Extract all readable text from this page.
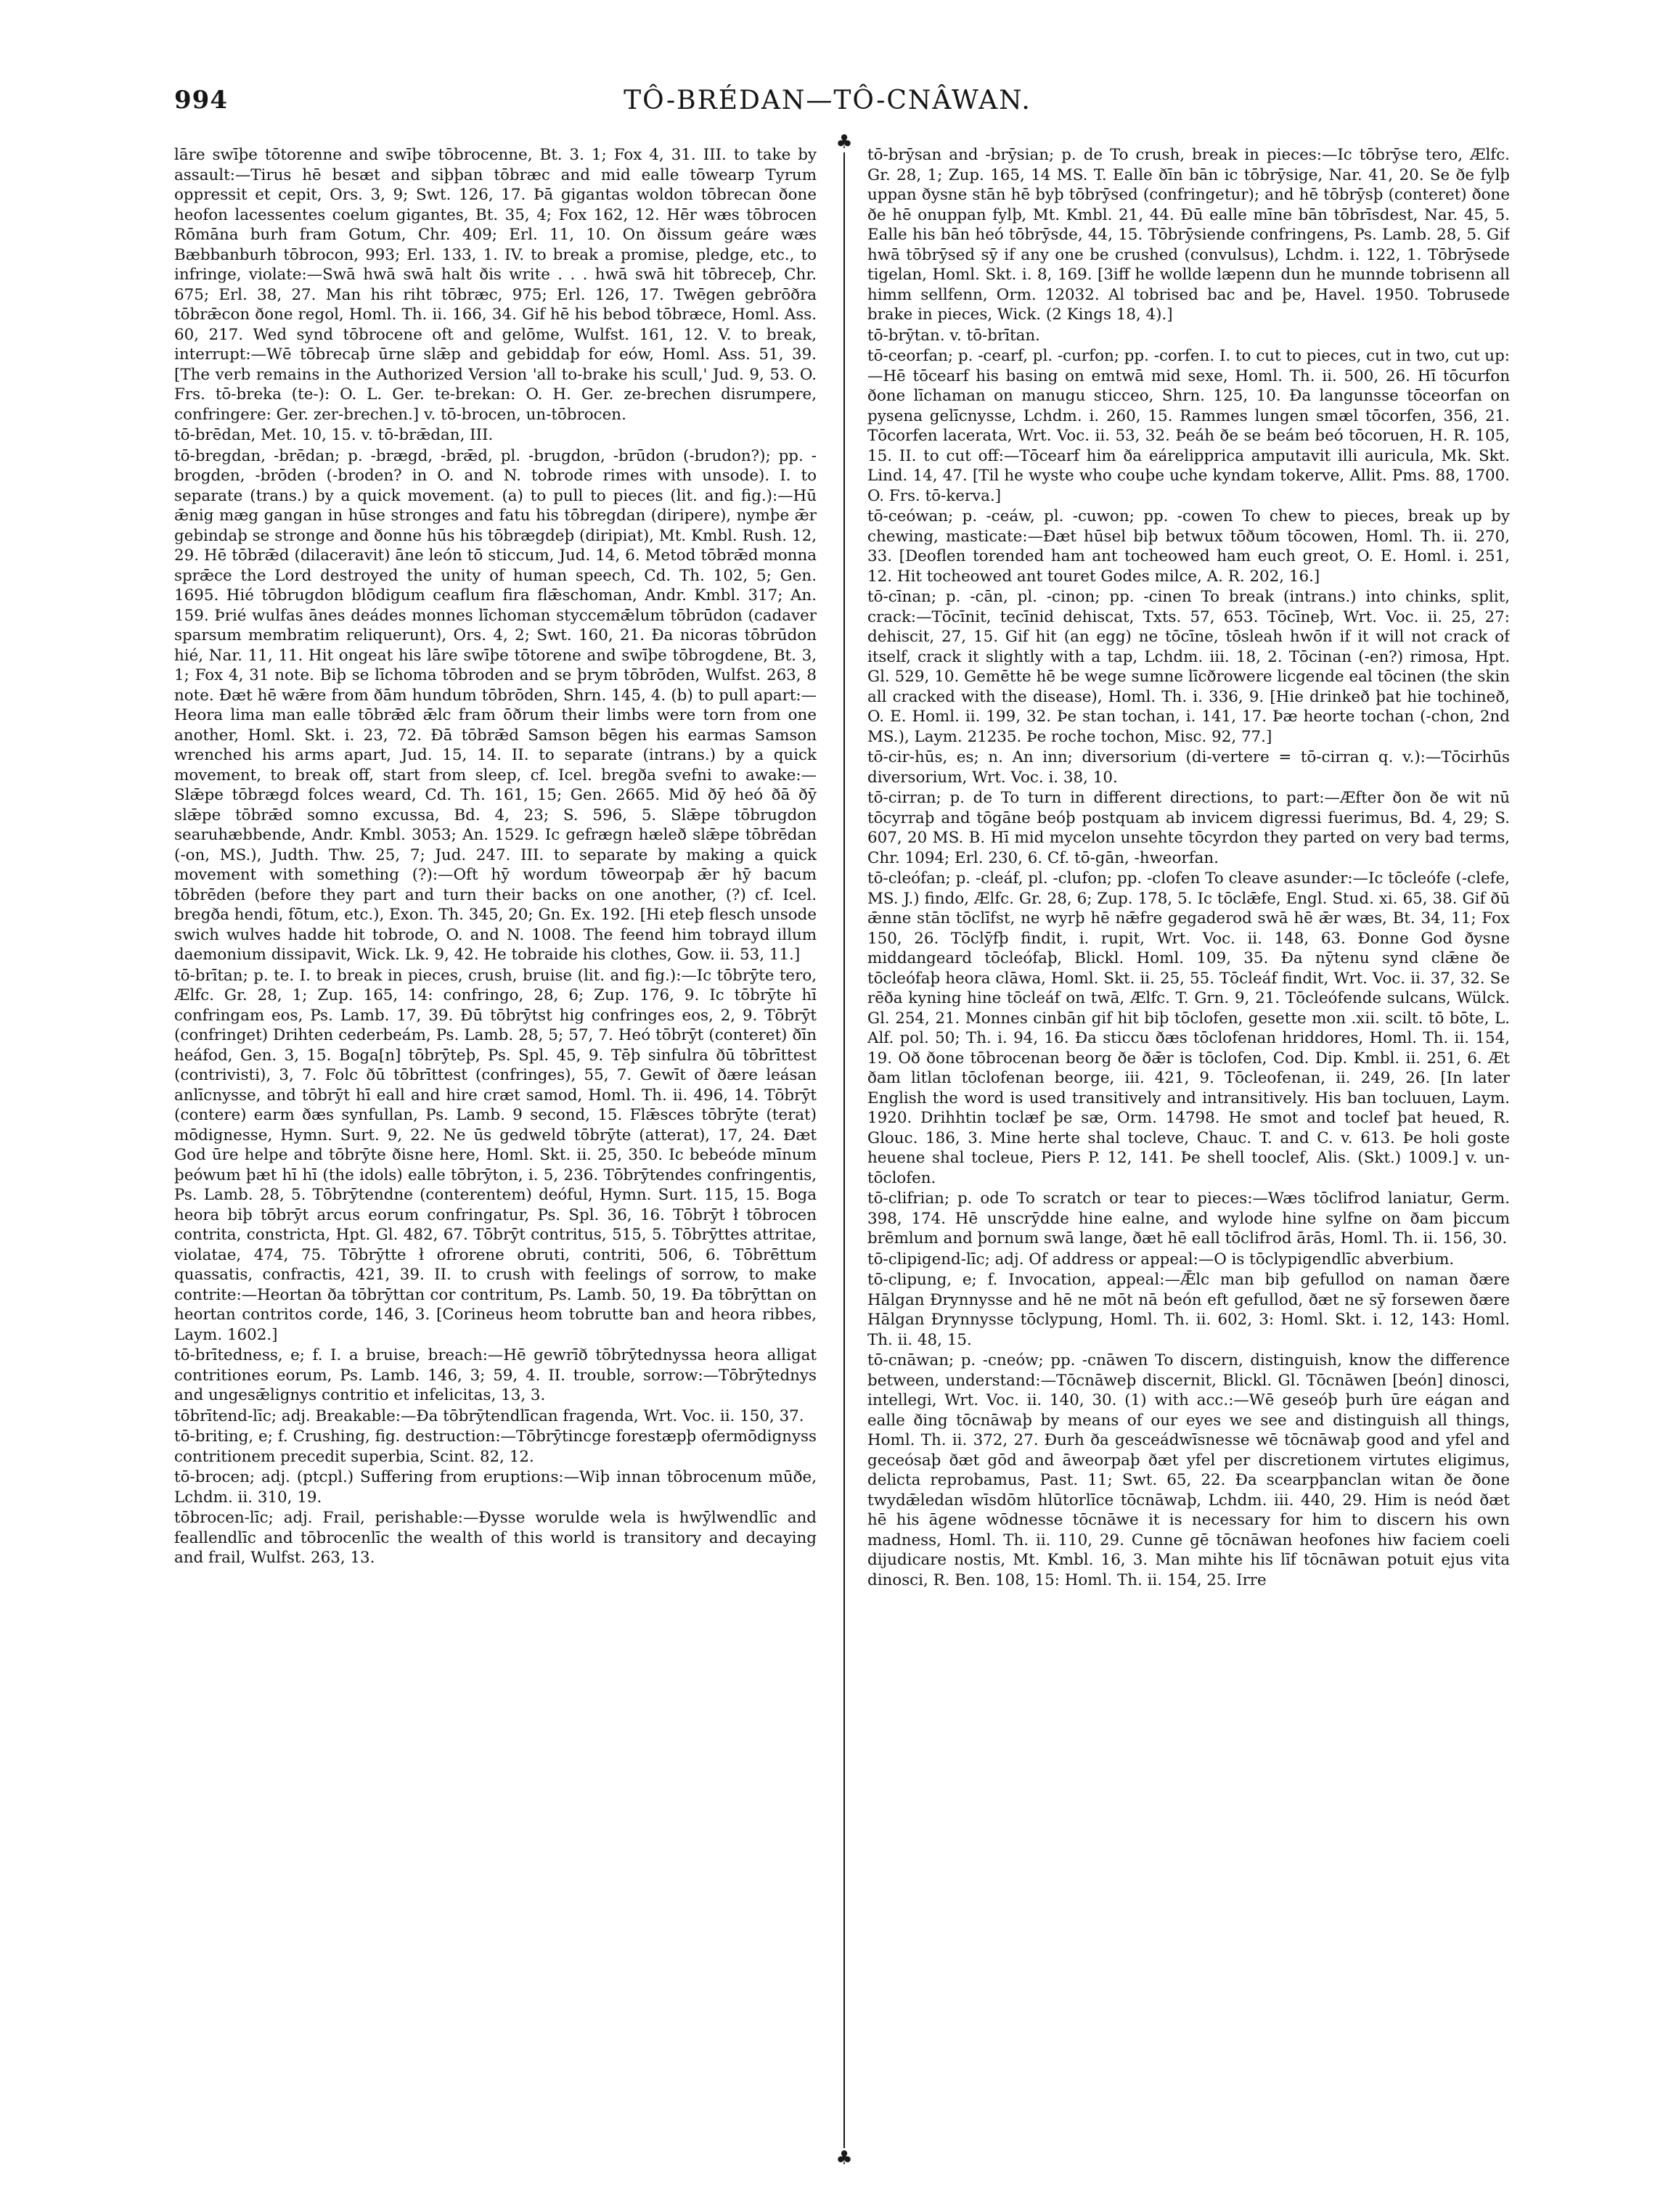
994	TÔ-BRÉDAN—TÔ-CNÂWAN.

lāre swīþe tōtorenne and swīþe tōbrocenne, Bt. 3. 1; Fox 4, 31. III. to take by assault:—Tirus hē besæt and siþþan tōbræc and mid ealle tōwearp Tyrum oppressit et cepit, Ors. 3, 9; Swt. 126, 17. Þā gigantas woldon tōbrecan ðone heofon lacessentes coelum gigantes, Bt. 35, 4; Fox 162, 12. Hēr wæs tōbrocen Rōmāna burh fram Gotum, Chr. 409; Erl. 11, 10. On ðissum geáre wæs Bæbbanburh tōbrocon, 993; Erl. 133, 1. IV. to break a promise, pledge, etc., to infringe, violate:—Swā hwā swā halt ðis write . . . hwā swā hit tōbreceþ, Chr. 675; Erl. 38, 27. Man his riht tōbræc, 975; Erl. 126, 17. Twēgen gebrōðra tōbrǣcon ðone regol, Homl. Th. ii. 166, 34. Gif hē his bebod tōbræce, Homl. Ass. 60, 217. Wed synd tōbrocene oft and gelōme, Wulfst. 161, 12. V. to break, interrupt:—Wē tōbrecaþ ūrne slǣp and gebiddaþ for eów, Homl. Ass. 51, 39. [The verb remains in the Authorized Version 'all to-brake his scull,' Jud. 9, 53. O. Frs. tō-breka (te-): O. L. Ger. te-brekan: O. H. Ger. ze-brechen disrumpere, confringere: Ger. zer-brechen.] v. tō-brocen, un-tōbrocen.

tō-brēdan, Met. 10, 15. v. tō-brǣdan, III.

tō-bregdan, -brēdan; p. -brægd, -brǣd, pl. -brugdon, -brūdon (-brudon?); pp. -brogden, -brōden (-broden? in O. and N. tobrode rimes with unsode). I. to separate (trans.) by a quick movement. (a) to pull to pieces (lit. and fig.):—Hū ǣnig mæg gangan in hūse stronges and fatu his tōbregdan (diripere), nymþe ǣr gebindaþ se stronge and ðonne hūs his tōbrægdeþ (diripiat), Mt. Kmbl. Rush. 12, 29. Hē tōbrǣd (dilaceravit) āne león tō sticcum, Jud. 14, 6. Metod tōbrǣd monna sprǣce the Lord destroyed the unity of human speech, Cd. Th. 102, 5; Gen. 1695. Hié tōbrugdon blōdigum ceaflum fira flǣschoman, Andr. Kmbl. 317; An. 159. Þrié wulfas ānes deádes monnes līchoman styccemǣlum tōbrūdon (cadaver sparsum membratim reliquerunt), Ors. 4, 2; Swt. 160, 21. Ða nicoras tōbrūdon hié, Nar. 11, 11. Hit ongeat his lāre swīþe tōtorene and swīþe tōbrogdene, Bt. 3, 1; Fox 4, 31 note. Biþ se līchoma tōbroden and se þrym tōbrōden, Wulfst. 263, 8 note. Ðæt hē wǣre from ðām hundum tōbrōden, Shrn. 145, 4. (b) to pull apart:—Heora lima man ealle tōbrǣd ǣlc fram ōðrum their limbs were torn from one another, Homl. Skt. i. 23, 72. Ðā tōbrǣd Samson bēgen his earmas Samson wrenched his arms apart, Jud. 15, 14. II. to separate (intrans.) by a quick movement, to break off, start from sleep, cf. Icel. bregða svefni to awake:—Slǣpe tōbrægd folces weard, Cd. Th. 161, 15; Gen. 2665. Mid ðȳ heó ðā ðȳ slǣpe tōbrǣd somno excussa, Bd. 4, 23; S. 596, 5. Slǣpe tōbrugdon searuhæbbende, Andr. Kmbl. 3053; An. 1529. Ic gefrægn hæleð slǣpe tōbrēdan (-on, MS.), Judth. Thw. 25, 7; Jud. 247. III. to separate by making a quick movement with something (?):—Oft hȳ wordum tōweorpaþ ǣr hȳ bacum tōbrēden (before they part and turn their backs on one another, (?) cf. Icel. bregða hendi, fōtum, etc.), Exon. Th. 345, 20; Gn. Ex. 192. [Hi eteþ flesch unsode swich wulves hadde hit tobrode, O. and N. 1008. The feend him tobrayd illum daemonium dissipavit, Wick. Lk. 9, 42. He tobraide his clothes, Gow. ii. 53, 11.]

tō-brītan; p. te. I. to break in pieces, crush, bruise (lit. and fig.):—Ic tōbrȳte tero, Ælfc. Gr. 28, 1; Zup. 165, 14: confringo, 28, 6; Zup. 176, 9. Ic tōbrȳte hī confringam eos, Ps. Lamb. 17, 39. Ðū tōbrȳtst hig confringes eos, 2, 9. Tōbrȳt (confringet) Drihten cederbeám, Ps. Lamb. 28, 5; 57, 7. Heó tōbrȳt (conteret) ðīn heáfod, Gen. 3, 15. Boga[n] tōbrȳteþ, Ps. Spl. 45, 9. Tēþ sinfulra ðū tōbrīttest (contrivisti), 3, 7. Folc ðū tōbrīttest (confringes), 55, 7. Gewīt of ðære leásan anlīcnysse, and tōbrȳt hī eall and hire cræt samod, Homl. Th. ii. 496, 14. Tōbrȳt (contere) earm ðæs synfullan, Ps. Lamb. 9 second, 15. Flǣsces tōbrȳte (terat) mōdignesse, Hymn. Surt. 9, 22. Ne ūs gedweld tōbrȳte (atterat), 17, 24. Ðæt God ūre helpe and tōbrȳte ðisne here, Homl. Skt. ii. 25, 350. Ic bebeóde mīnum þeówum þæt hī hī (the idols) ealle tōbrȳton, i. 5, 236. Tōbrȳtendes confringentis, Ps. Lamb. 28, 5. Tōbrȳtendne (conterentem) deóful, Hymn. Surt. 115, 15. Boga heora biþ tōbrȳt arcus eorum confringatur, Ps. Spl. 36, 16. Tōbrȳt ł tōbrocen contrita, constricta, Hpt. Gl. 482, 67. Tōbrȳt contritus, 515, 5. Tōbrȳttes attritae, violatae, 474, 75. Tōbrȳtte ł ofrorene obruti, contriti, 506, 6. Tōbrēttum quassatis, confractis, 421, 39. II. to crush with feelings of sorrow, to make contrite:—Heortan ða tōbrȳttan cor contritum, Ps. Lamb. 50, 19. Ða tōbrȳttan on heortan contritos corde, 146, 3. [Corineus heom tobrutte ban and heora ribbes, Laym. 1602.]

tō-brītedness, e; f. I. a bruise, breach:—Hē gewrīð tōbrȳtednyssa heora alligat contritiones eorum, Ps. Lamb. 146, 3; 59, 4. II. trouble, sorrow:—Tōbrȳtednys and ungesǣlignys contritio et infelicitas, 13, 3.

tōbrītend-līc; adj. Breakable:—Ða tōbrȳtendlīcan fragenda, Wrt. Voc. ii. 150, 37.

tō-briting, e; f. Crushing, fig. destruction:—Tōbrȳtincge forestæpþ ofermōdignyss contritionem precedit superbia, Scint. 82, 12.

tō-brocen; adj. (ptcpl.) Suffering from eruptions:—Wiþ innan tōbrocenum mūðe, Lchdm. ii. 310, 19.

tōbrocen-līc; adj. Frail, perishable:—Ðysse worulde wela is hwȳlwendlīc and feallendlīc and tōbrocenlīc the wealth of this world is transitory and decaying and frail, Wulfst. 263, 13.

♣
♣

tō-brȳsan and -brȳsian; p. de To crush, break in pieces:—Ic tōbrȳse tero, Ælfc. Gr. 28, 1; Zup. 165, 14 MS. T. Ealle ðīn bān ic tōbrȳsige, Nar. 41, 20. Se ðe fylþ uppan ðysne stān hē byþ tōbrȳsed (confringetur); and hē tōbrȳsþ (conteret) ðone ðe hē onuppan fylþ, Mt. Kmbl. 21, 44. Ðū ealle mīne bān tōbrīsdest, Nar. 45, 5. Ealle his bān heó tōbrȳsde, 44, 15. Tōbrȳsiende confringens, Ps. Lamb. 28, 5. Gif hwā tōbrȳsed sȳ if any one be crushed (convulsus), Lchdm. i. 122, 1. Tōbrȳsede tigelan, Homl. Skt. i. 8, 169. [3iff he wollde læpenn dun he munnde tobrisenn all himm sellfenn, Orm. 12032. Al tobrised bac and þe, Havel. 1950. Tobrusede brake in pieces, Wick. (2 Kings 18, 4).]

tō-brȳtan. v. tō-brītan.

tō-ceorfan; p. -cearf, pl. -curfon; pp. -corfen. I. to cut to pieces, cut in two, cut up:—Hē tōcearf his basing on emtwā mid sexe, Homl. Th. ii. 500, 26. Hī tōcurfon ðone līchaman on manugu sticceo, Shrn. 125, 10. Ða langunsse tōceorfan on pysena gelīcnysse, Lchdm. i. 260, 15. Rammes lungen smæl tōcorfen, 356, 21. Tōcorfen lacerata, Wrt. Voc. ii. 53, 32. Þeáh ðe se beám beó tōcoruen, H. R. 105, 15. II. to cut off:—Tōcearf him ða eárelipprica amputavit illi auricula, Mk. Skt. Lind. 14, 47. [Til he wyste who couþe uche kyndam tokerve, Allit. Pms. 88, 1700. O. Frs. tō-kerva.]

tō-ceówan; p. -ceáw, pl. -cuwon; pp. -cowen To chew to pieces, break up by chewing, masticate:—Ðæt hūsel biþ betwux tōðum tōcowen, Homl. Th. ii. 270, 33. [Deoflen torended ham ant tocheowed ham euch greot, O. E. Homl. i. 251, 12. Hit tocheowed ant touret Godes milce, A. R. 202, 16.]

tō-cīnan; p. -cān, pl. -cinon; pp. -cinen To break (intrans.) into chinks, split, crack:—Tōcīnit, tecīnid dehiscat, Txts. 57, 653. Tōcīneþ, Wrt. Voc. ii. 25, 27: dehiscit, 27, 15. Gif hit (an egg) ne tōcīne, tōsleah hwōn if it will not crack of itself, crack it slightly with a tap, Lchdm. iii. 18, 2. Tōcinan (-en?) rimosa, Hpt. Gl. 529, 10. Gemētte hē be wege sumne līcðrowere licgende eal tōcinen (the skin all cracked with the disease), Homl. Th. i. 336, 9. [Hie drinkeð þat hie tochineð, O. E. Homl. ii. 199, 32. Þe stan tochan, i. 141, 17. Þæ heorte tochan (-chon, 2nd MS.), Laym. 21235. Þe roche tochon, Misc. 92, 77.]

tō-cir-hūs, es; n. An inn; diversorium (di-vertere = tō-cirran q. v.):—Tōcirhūs diversorium, Wrt. Voc. i. 38, 10.

tō-cirran; p. de To turn in different directions, to part:—Æfter ðon ðe wit nū tōcyrraþ and tōgāne beóþ postquam ab invicem digressi fuerimus, Bd. 4, 29; S. 607, 20 MS. B. Hī mid mycelon unsehte tōcyrdon they parted on very bad terms, Chr. 1094; Erl. 230, 6. Cf. tō-gān, -hweorfan.

tō-cleófan; p. -cleáf, pl. -clufon; pp. -clofen To cleave asunder:—Ic tōcleófe (-clefe, MS. J.) findo, Ælfc. Gr. 28, 6; Zup. 178, 5. Ic tōclǣfe, Engl. Stud. xi. 65, 38. Gif ðū ǣnne stān tōclīfst, ne wyrþ hē nǣfre gegaderod swā hē ǣr wæs, Bt. 34, 11; Fox 150, 26. Tōclȳfþ findit, i. rupit, Wrt. Voc. ii. 148, 63. Ðonne God ðysne middangeard tōcleófaþ, Blickl. Homl. 109, 35. Ða nȳtenu synd clǣne ðe tōcleófaþ heora clāwa, Homl. Skt. ii. 25, 55. Tōcleáf findit, Wrt. Voc. ii. 37, 32. Se rēða kyning hine tōcleáf on twā, Ælfc. T. Grn. 9, 21. Tōcleófende sulcans, Wülck. Gl. 254, 21. Monnes cinbān gif hit biþ tōclofen, gesette mon .xii. scilt. tō bōte, L. Alf. pol. 50; Th. i. 94, 16. Ða sticcu ðæs tōclofenan hriddores, Homl. Th. ii. 154, 19. Oð ðone tōbrocenan beorg ðe ðǣr is tōclofen, Cod. Dip. Kmbl. ii. 251, 6. Æt ðam litlan tōclofenan beorge, iii. 421, 9. Tōcleofenan, ii. 249, 26. [In later English the word is used transitively and intransitively. His ban tocluuen, Laym. 1920. Drihhtin toclæf þe sæ, Orm. 14798. He smot and toclef þat heued, R. Glouc. 186, 3. Mine herte shal tocleve, Chauc. T. and C. v. 613. Þe holi goste heuene shal tocleue, Piers P. 12, 141. Þe shell tooclef, Alis. (Skt.) 1009.] v. un-tōclofen.

tō-clifrian; p. ode To scratch or tear to pieces:—Wæs tōclifrod laniatur, Germ. 398, 174. Hē unscrȳdde hine ealne, and wylode hine sylfne on ðam þiccum brēmlum and þornum swā lange, ðæt hē eall tōclifrod ārās, Homl. Th. ii. 156, 30.

tō-clipigend-līc; adj. Of address or appeal:—O is tōclypigendlīc abverbium.

tō-clipung, e; f. Invocation, appeal:—Ǣlc man biþ gefullod on naman ðære Hālgan Ðrynnysse and hē ne mōt nā beón eft gefullod, ðæt ne sȳ forsewen ðære Hālgan Ðrynnysse tōclypung, Homl. Th. ii. 602, 3: Homl. Skt. i. 12, 143: Homl. Th. ii. 48, 15.

tō-cnāwan; p. -cneów; pp. -cnāwen To discern, distinguish, know the difference between, understand:—Tōcnāweþ discernit, Blickl. Gl. Tōcnāwen [beón] dinosci, intellegi, Wrt. Voc. ii. 140, 30. (1) with acc.:—Wē geseóþ þurh ūre eágan and ealle ðing tōcnāwaþ by means of our eyes we see and distinguish all things, Homl. Th. ii. 372, 27. Ðurh ða gesceádwīsnesse wē tōcnāwaþ good and yfel and geceósaþ ðæt gōd and āweorpaþ ðæt yfel per discretionem virtutes eligimus, delicta reprobamus, Past. 11; Swt. 65, 22. Ða scearpþanclan witan ðe ðone twydǣledan wīsdōm hlūtorlīce tōcnāwaþ, Lchdm. iii. 440, 29. Him is neód ðæt hē his āgene wōdnesse tōcnāwe it is necessary for him to discern his own madness, Homl. Th. ii. 110, 29. Cunne gē tōcnāwan heofones hiw faciem coeli dijudicare nostis, Mt. Kmbl. 16, 3. Man mihte his līf tōcnāwan potuit ejus vita dinosci, R. Ben. 108, 15: Homl. Th. ii. 154, 25. Irre
